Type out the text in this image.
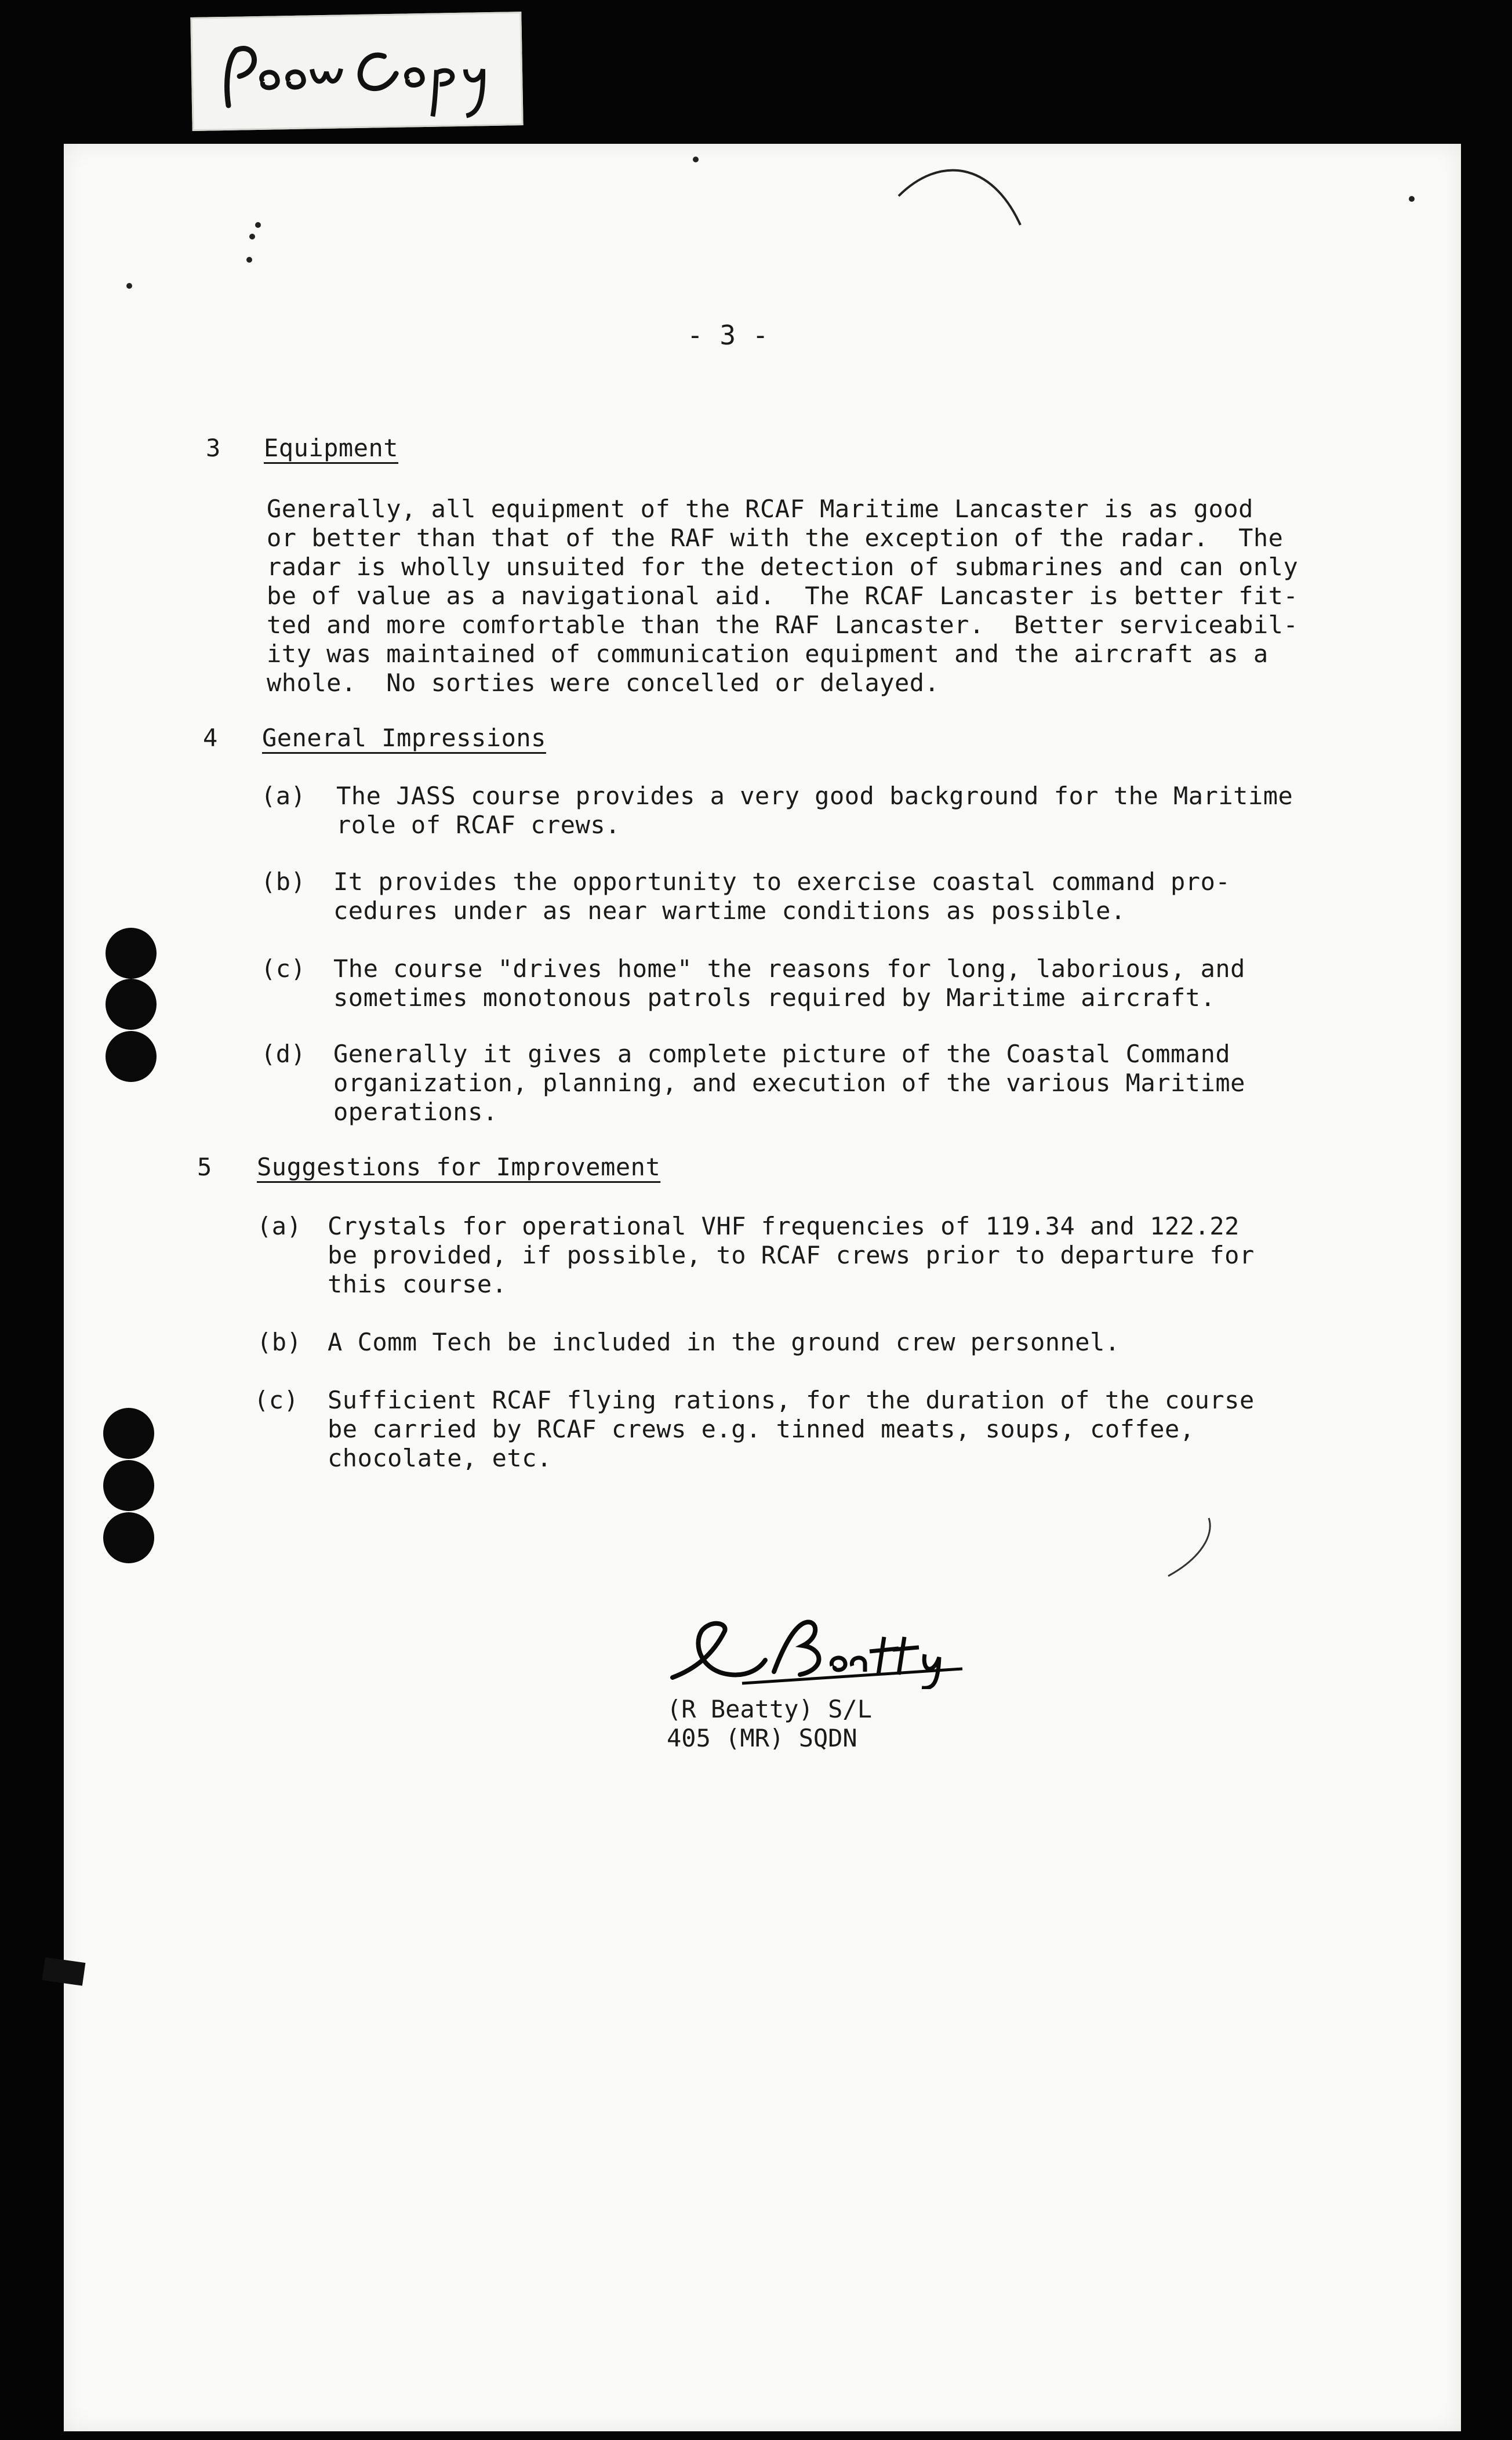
- 3 -
3 Equipment
Generally, all equipment of the RCAF Maritime Lancaster is as good
or better than that of the RAF with the exception of the radar.  The
radar is wholly unsuited for the detection of submarines and can only
be of value as a navigational aid.  The RCAF Lancaster is better fit-
ted and more comfortable than the RAF Lancaster.  Better serviceabil-
ity was maintained of communication equipment and the aircraft as a
whole.  No sorties were concelled or delayed.
4 General Impressions
(a) The JASS course provides a very good background for the Maritime
role of RCAF crews.
(b) It provides the opportunity to exercise coastal command pro-
cedures under as near wartime conditions as possible.
(c) The course "drives home" the reasons for long, laborious, and
sometimes monotonous patrols required by Maritime aircraft.
(d) Generally it gives a complete picture of the Coastal Command
organization, planning, and execution of the various Maritime
operations.
5 Suggestions for Improvement
(a) Crystals for operational VHF frequencies of 119.34 and 122.22
be provided, if possible, to RCAF crews prior to departure for
this course.
(b) A Comm Tech be included in the ground crew personnel.
(c) Sufficient RCAF flying rations, for the duration of the course
be carried by RCAF crews e.g. tinned meats, soups, coffee,
chocolate, etc.
(R Beatty) S/L
405 (MR) SQDN
